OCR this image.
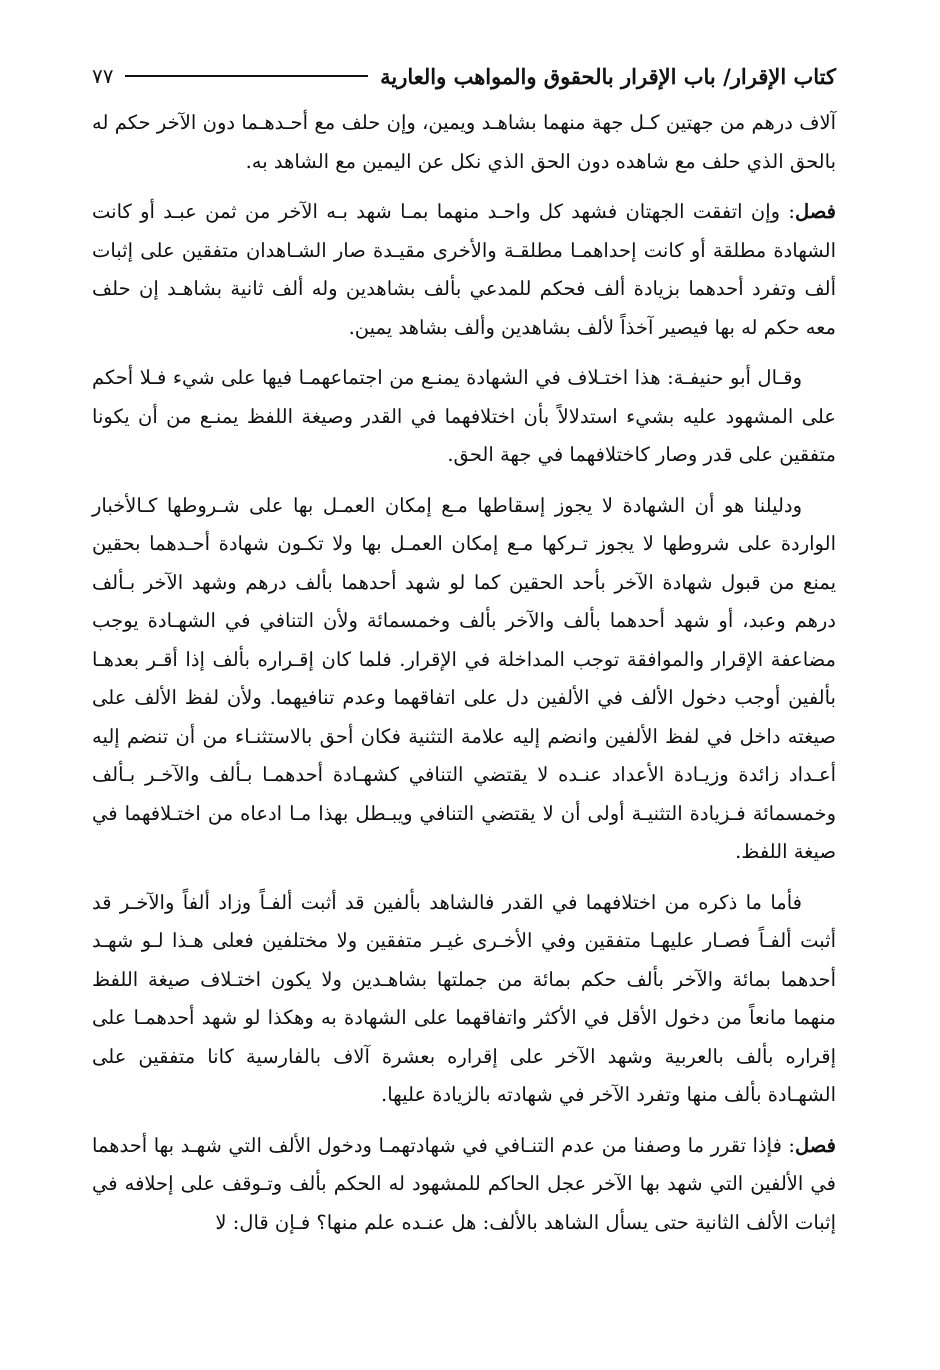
كتاب الإقرار/ باب الإقرار بالحقوق والمواهب والعارية
٧٧

آلاف درهم من جهتين كـل جهة منهما بشاهـد ويمين، وإن حلف مع أحـدهـما دون الآخر حكم له بالحق الذي حلف مع شاهده دون الحق الذي نكل عن اليمين مع الشاهد به.

فصل: وإن اتفقت الجهتان فشهد كل واحـد منهما بمـا شهد بـه الآخر من ثمن عبـد أو كانت الشهادة مطلقة أو كانت إحداهمـا مطلقـة والأخرى مقيـدة صار الشـاهدان متفقين على إثبات ألف وتفرد أحدهما بزيادة ألف فحكم للمدعي بألف بشاهدين وله ألف ثانية بشاهـد إن حلف معه حكم له بها فيصير آخذاً لألف بشاهدين وألف بشاهد يمين.

وقـال أبو حنيفـة: هذا اختـلاف في الشهادة يمنـع من اجتماعهمـا فيها على شيء فـلا أحكم على المشهود عليه بشيء استدلالاً بأن اختلافهما في القدر وصيغة اللفظ يمنـع من أن يكونا متفقين على قدر وصار كاختلافهما في جهة الحق.

ودليلنا هو أن الشهادة لا يجوز إسقاطها مـع إمكان العمـل بها على شـروطها كـالأخبار الواردة على شروطها لا يجوز تـركها مـع إمكان العمـل بها ولا تكـون شهادة أحـدهما بحقين يمنع من قبول شهادة الآخر بأحد الحقين كما لو شهد أحدهما بألف درهم وشهد الآخر بـألف درهم وعبد، أو شهد أحدهما بألف والآخر بألف وخمسمائة ولأن التنافي في الشهـادة يوجب مضاعفة الإقرار والموافقة توجب المداخلة في الإقرار. فلما كان إقـراره بألف إذا أقـر بعدهـا بألفين أوجب دخول الألف في الألفين دل على اتفاقهما وعدم تنافيهما. ولأن لفظ الألف على صيغته داخل في لفظ الألفين وانضم إليه علامة التثنية فكان أحق بالاستثنـاء من أن تنضم إليه أعـداد زائدة وزيـادة الأعداد عنـده لا يقتضي التنافي كشهـادة أحدهمـا بـألف والآخـر بـألف وخمسمائة فـزيادة التثنيـة أولى أن لا يقتضي التنافي ويبـطل بهذا مـا ادعاه من اختـلافهما في صيغة اللفظ.

فأما ما ذكره من اختلافهما في القدر فالشاهد بألفين قد أثبت ألفـاً وزاد ألفاً والآخـر قد أثبت ألفـاً فصـار عليهـا متفقين وفي الأخـرى غيـر متفقين ولا مختلفين فعلى هـذا لـو شهـد أحدهما بمائة والآخر بألف حكم بمائة من جملتها بشاهـدين ولا يكون اختـلاف صيغة اللفظ منهما مانعاً من دخول الأقل في الأكثر واتفاقهما على الشهادة به وهكذا لو شهد أحدهمـا على إقراره بألف بالعربية وشهد الآخر على إقراره بعشرة آلاف بالفارسية كانا متفقين على الشهـادة بألف منها وتفرد الآخر في شهادته بالزيادة عليها.

فصل: فإذا تقرر ما وصفنا من عدم التنـافي في شهادتهمـا ودخول الألف التي شهـد بها أحدهما في الألفين التي شهد بها الآخر عجل الحاكم للمشهود له الحكم بألف وتـوقف على إحلافه في إثبات الألف الثانية حتى يسأل الشاهد بالألف: هل عنـده علم منها؟ فـإن قال: لا
